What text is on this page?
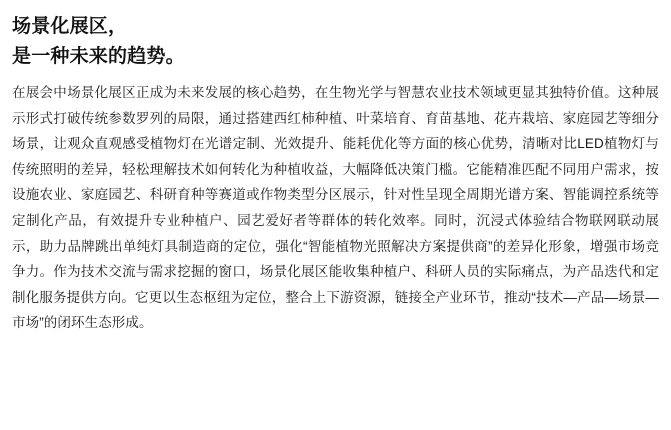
场景化展区，
是一种未来的趋势。

在展会中场景化展区正成为未来发展的核心趋势，在生物光学与智慧农业技术领域更显其独特价值。这种展示形式打破传统参数罗列的局限，通过搭建西红柿种植、叶菜培育、育苗基地、花卉栽培、家庭园艺等细分场景，让观众直观感受植物灯在光谱定制、光效提升、能耗优化等方面的核心优势，清晰对比LED植物灯与传统照明的差异，轻松理解技术如何转化为种植收益，大幅降低决策门槛。它能精准匹配不同用户需求，按设施农业、家庭园艺、科研育种等赛道或作物类型分区展示，针对性呈现全周期光谱方案、智能调控系统等定制化产品，有效提升专业种植户、园艺爱好者等群体的转化效率。同时，沉浸式体验结合物联网联动展示，助力品牌跳出单纯灯具制造商的定位，强化“智能植物光照解决方案提供商”的差异化形象，增强市场竞争力。作为技术交流与需求挖掘的窗口，场景化展区能收集种植户、科研人员的实际痛点，为产品迭代和定制化服务提供方向。它更以生态枢纽为定位，整合上下游资源，链接全产业环节，推动“技术—产品—场景—市场”的闭环生态形成。
